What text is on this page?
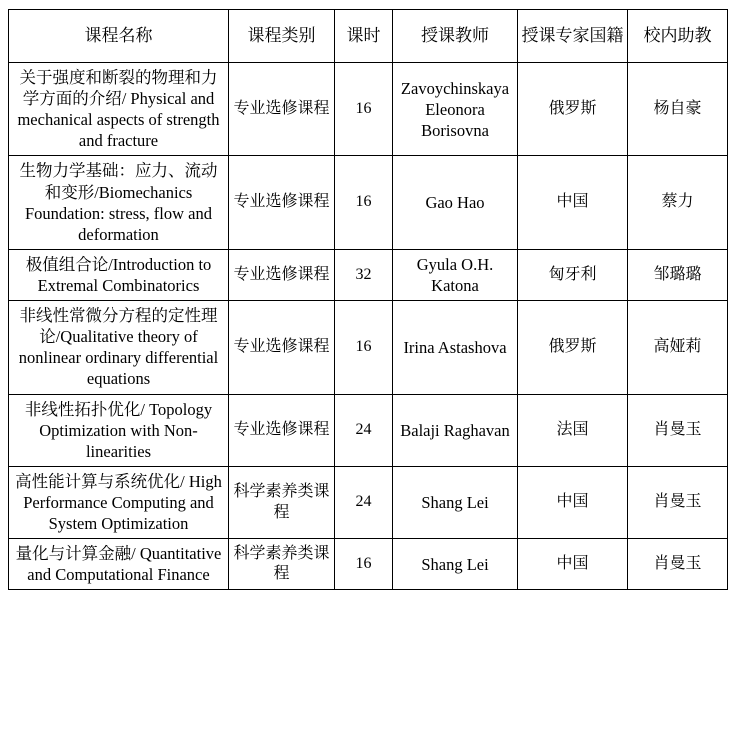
课程名称	课程类别	课时	授课教师	授课专家国籍	校内助教
关于强度和断裂的物理和力学方面的介绍/ Physical and mechanical aspects of strength and fracture	专业选修课程	16	Zavoychinskaya Eleonora Borisovna	俄罗斯	杨自豪
生物力学基础：应力、流动和变形/Biomechanics Foundation: stress, flow and deformation	专业选修课程	16	Gao Hao	中国	蔡力
极值组合论/Introduction to Extremal Combinatorics	专业选修课程	32	Gyula O.H. Katona	匈牙利	邹璐璐
非线性常微分方程的定性理论/Qualitative theory of nonlinear ordinary differential equations	专业选修课程	16	Irina Astashova	俄罗斯	高娅莉
非线性拓扑优化/ Topology Optimization with Non-linearities	专业选修课程	24	Balaji Raghavan	法国	肖曼玉
高性能计算与系统优化/ High Performance Computing and System Optimization	科学素养类课程	24	Shang Lei	中国	肖曼玉
量化与计算金融/ Quantitative and Computational Finance	科学素养类课程	16	Shang Lei	中国	肖曼玉
